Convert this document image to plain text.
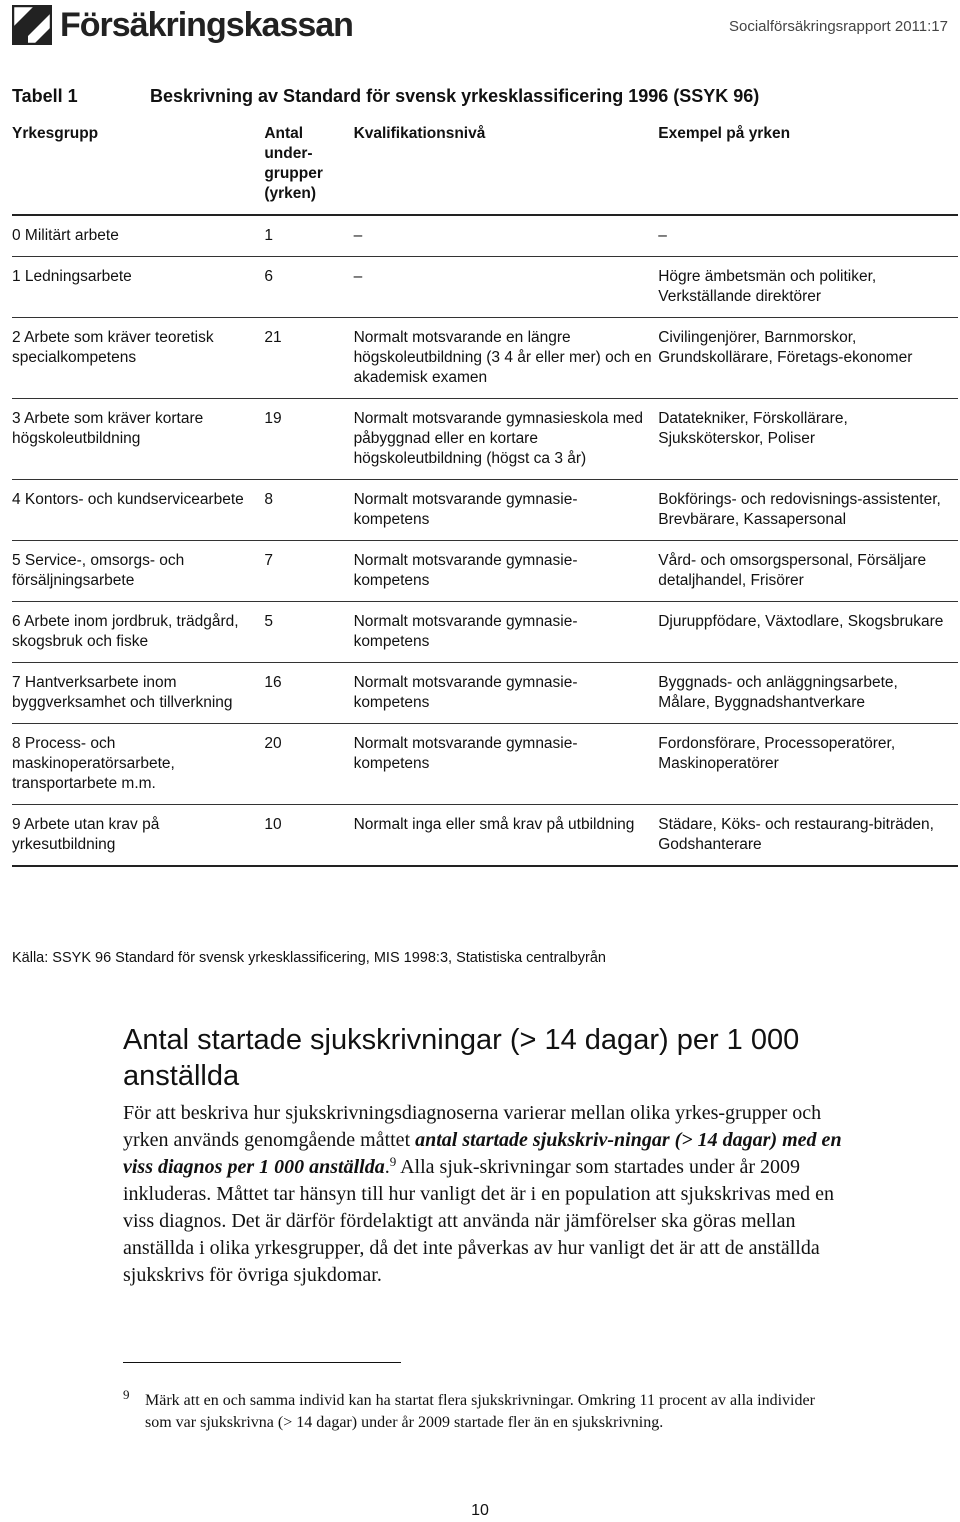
Försäkringskassan	Socialförsäkringsrapport 2011:17
Tabell 1	Beskrivning av Standard för svensk yrkesklassificering 1996 (SSYK 96)
Yrkesgrupp	Antal under-grupper (yrken)	Kvalifikationsnivå	Exempel på yrken
0 Militärt arbete	1	–	–
1 Ledningsarbete	6	–	Högre ämbetsmän och politiker, Verkställande direktörer
2 Arbete som kräver teoretisk specialkompetens	21	Normalt motsvarande en längre högskoleutbildning (3 4 år eller mer) och en akademisk examen	Civilingenjörer, Barnmorskor, Grundskollärare, Företags-ekonomer
3 Arbete som kräver kortare högskoleutbildning	19	Normalt motsvarande gymnasieskola med påbyggnad eller en kortare högskoleutbildning (högst ca 3 år)	Datatekniker, Förskollärare, Sjuksköterskor, Poliser
4 Kontors- och kundservicearbete	8	Normalt motsvarande gymnasie-kompetens	Bokförings- och redovisnings-assistenter, Brevbärare, Kassapersonal
5 Service-, omsorgs- och försäljningsarbete	7	Normalt motsvarande gymnasie-kompetens	Vård- och omsorgspersonal, Försäljare detaljhandel, Frisörer
6 Arbete inom jordbruk, trädgård, skogsbruk och fiske	5	Normalt motsvarande gymnasie-kompetens	Djuruppfödare, Växtodlare, Skogsbrukare
7 Hantverksarbete inom byggverksamhet och tillverkning	16	Normalt motsvarande gymnasie-kompetens	Byggnads- och anläggningsarbete, Målare, Byggnadshantverkare
8 Process- och maskinoperatörsarbete, transportarbete m.m.	20	Normalt motsvarande gymnasie-kompetens	Fordonsförare, Processoperatörer, Maskinoperatörer
9 Arbete utan krav på yrkesutbildning	10	Normalt inga eller små krav på utbildning	Städare, Köks- och restaurang-biträden, Godshanterare
Källa: SSYK 96 Standard för svensk yrkesklassificering, MIS 1998:3, Statistiska centralbyrån
Antal startade sjukskrivningar (> 14 dagar) per 1 000 anställda
För att beskriva hur sjukskrivningsdiagnoserna varierar mellan olika yrkes-grupper och yrken används genomgående måttet antal startade sjukskriv-ningar (> 14 dagar) med en viss diagnos per 1 000 anställda.$^9$ Alla sjuk-skrivningar som startades under år 2009 inkluderas. Måttet tar hänsyn till hur vanligt det är i en population att sjukskrivas med en viss diagnos. Det är därför fördelaktigt att använda när jämförelser ska göras mellan anställda i olika yrkesgrupper, då det inte påverkas av hur vanligt det är att de anställda sjukskrivs för övriga sjukdomar.
9 Märk att en och samma individ kan ha startat flera sjukskrivningar. Omkring 11 procent av alla individer som var sjukskrivna (> 14 dagar) under år 2009 startade fler än en sjukskrivning.
10
